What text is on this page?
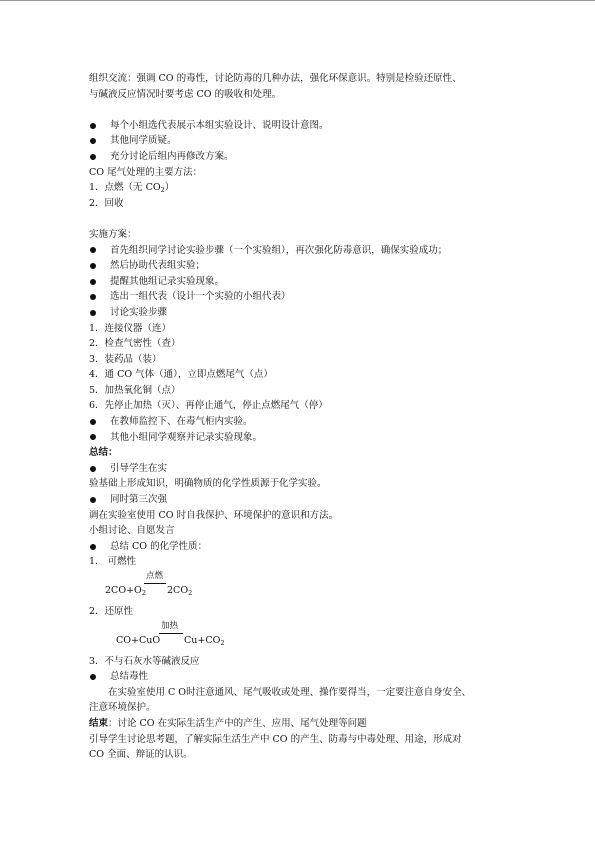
组织交流：强调 CO 的毒性，讨论防毒的几种办法，强化环保意识。特别是检验还原性、
与碱液反应情况时要考虑 CO 的吸收和处理。
每个小组选代表展示本组实验设计、说明设计意图。
其他同学质疑。
充分讨论后组内再修改方案。
CO 尾气处理的主要方法：
1．点燃（无 $CO_2$）
2．回收
实施方案：
首先组织同学讨论实验步骤（一个实验组），再次强化防毒意识，确保实验成功；
然后协助代表组实验；
提醒其他组记录实验现象。
选出一组代表（设计一个实验的小组代表）
讨论实验步骤
1．连接仪器（连）
2．检查气密性（查）
3．装药品（装）
4．通 CO 气体（通），立即点燃尾气（点）
5．加热氧化铜（点）
6．先停止加热（灭）、再停止通气，停止点燃尾气（停）
在教师监控下、在毒气柜内实验。
其他小组同学观察并记录实验现象。
总结：
引导学生在实
验基础上形成知识，明确物质的化学性质源于化学实验。
同时第三次强
调在实验室使用 CO 时自我保护、环境保护的意识和方法。
小组讨论、自愿发言
总结 CO 的化学性质：
1． 可燃性
$2CO+O_2$
点燃
$2CO_2$
2．还原性
CO+CuO
加热
$Cu+CO_2$
3．不与石灰水等碱液反应
总结毒性
在实验室使用 C O时注意通风、尾气吸收或处理、操作要得当，一定要注意自身安全、
注意环境保护。
结束：讨论 CO 在实际生活生产中的产生、应用、尾气处理等问题
引导学生讨论思考题，了解实际生活生产中 CO 的产生、防毒与中毒处理、用途，形成对
CO 全面、辩证的认识。
